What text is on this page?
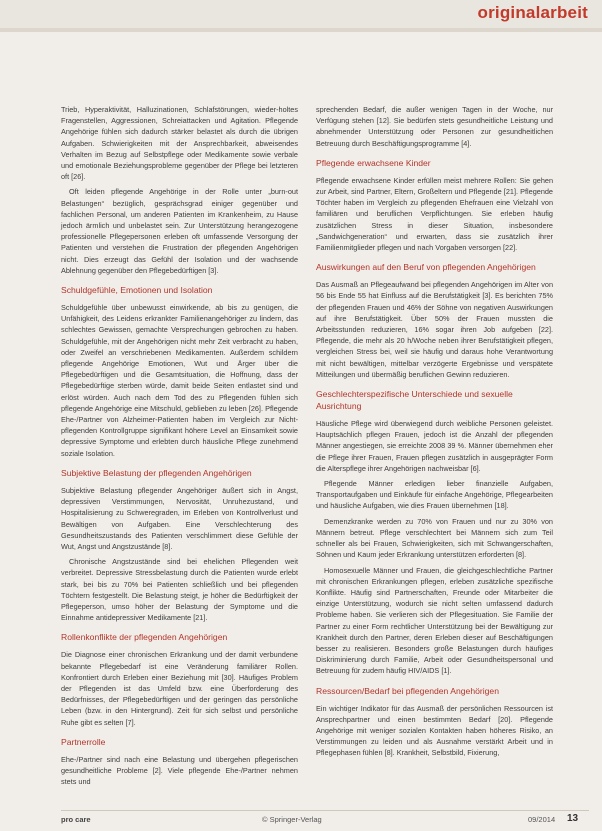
originalarbeit

Trieb, Hyperaktivität, Halluzinationen, Schlafstörungen, wieder-holtes Fragenstellen, Aggressionen, Schreiattacken und Agitation. Pflegende Angehörige fühlen sich dadurch stärker belastet als durch die übrigen Aufgaben. Schwierigkeiten mit der Ansprechbarkeit, abweisendes Verhalten im Bezug auf Selbstpflege oder Medikamente sowie verbale und emotionale Beziehungsprobleme gegenüber der Pflege bei letzteren oft [26].

Oft leiden pflegende Angehörige in der Rolle unter „burn-out Belastungen“ bezüglich, gesprächsgrad einiger gegenüber und fachlichen Personal, um anderen Patienten im Krankenheim, zu Hause jedoch ärmlich und unbelastet sein. Zur Unterstützung herangezogene professionelle Pflegepersonen erleben oft umfassende Versorgung der Patienten und verstehen die Frustration der pflegenden Angehörigen nicht. Dies erzeugt das Gefühl der Isolation und der wachsende Ablehnung gegenüber den Pflegebedürftigen [3].

Schuldgefühle, Emotionen und Isolation

Schuldgefühle über unbewusst einwirkende, ab bis zu genügen, die Unfähigkeit, des Leidens erkrankter Familienangehöriger zu lindern, das schlechtes Gewissen, gemachte Versprechungen gebrochen zu haben. Schuldgefühle, mit der Angehörigen nicht mehr Zeit verbracht zu haben, oder Zweifel an verschriebenen Medikamenten. Außerdem schildern pflegende Angehörige Emotionen, Wut und Ärger über die Pflegebedürftigen und die Gesamtsituation, die Hoffnung, dass der Pflegebedürftige sterben würde, damit beide Seiten entlastet sind und erlöst würden. Auch nach dem Tod des zu Pflegenden fühlen sich pflegende Angehörige eine Mitschuld, geblieben zu leben [26]. Pflegende Ehe-/Partner von Alzheimer-Patienten haben im Vergleich zur Nicht-pflegenden Kontrollgruppe signifikant höhere Level an Einsamkeit sowie depressive Symptome und erlebten durch häusliche Pflege zunehmend soziale Isolation.

Subjektive Belastung der pflegenden Angehörigen

Subjektive Belastung pflegender Angehöriger äußert sich in Angst, depressiven Verstimmungen, Nervosität, Unruhezustand, und Hospitalisierung zu Schweregraden, im Erleben von Kontrollverlust und Bewältigen von Aufgaben. Eine Verschlechterung des Gesundheitszustands des Patienten verschlimmert diese Gefühle der Wut, Angst und Angstzustände [8].

Chronische Angstzustände sind bei ehelichen Pflegenden weit verbreitet. Depressive Stressbelastung durch die Patienten wurde erlebt stark, bei bis zu 70% bei Patienten schließlich und bei pflegenden Töchtern festgestellt. Die Belastung steigt, je höher die Bedürftigkeit der Pflegeperson, umso höher der Belastung der Symptome und die Einnahme antidepressiver Medikamente [21].

Rollenkonflikte der pflegenden Angehörigen

Die Diagnose einer chronischen Erkrankung und der damit verbundene bekannte Pflegebedarf ist eine Veränderung familiärer Rollen. Konfrontiert durch Erleben einer Beziehung mit [30]. Häufiges Problem der Pflegenden ist das Umfeld bzw. eine Überforderung des Bedürfnisses, der Pflegebedürftigen und der geringen das persönliche Leben (bzw. in den Hintergrund). Zeit für sich selbst und persönliche Ruhe gibt es selten [7].

Partnerrolle

Ehe-/Partner sind nach eine Belastung und übergehen pflegerischen gesundheitliche Probleme [2]. Viele pflegende Ehe-/Partner nehmen stets und

sprechenden Bedarf, die außer wenigen Tagen in der Woche, nur Verfügung stehen [12]. Sie bedürfen stets gesundheitliche Leistung und abnehmender Unterstützung oder Personen zur gesundheitlichen Betreuung durch Beschäftigungsprogramme [4].

Pflegende erwachsene Kinder

Pflegende erwachsene Kinder erfüllen meist mehrere Rollen: Sie gehen zur Arbeit, sind Partner, Eltern, Großeltern und Pflegende [21]. Pflegende Töchter haben im Vergleich zu pflegenden Ehefrauen eine Vielzahl von familiären und beruflichen Verpflichtungen. Sie erleben häufig zusätzlichen Stress in dieser Situation, insbesondere „Sandwichgeneration“ und erwarten, dass sie zusätzlich ihrer Familienmitglieder pflegen und nach Vorgaben versorgen [22].

Auswirkungen auf den Beruf von pflegenden Angehörigen

Das Ausmaß an Pflegeaufwand bei pflegenden Angehörigen im Alter von 56 bis Ende 55 hat Einfluss auf die Berufstätigkeit [3]. Es berichten 75% der pflegenden Frauen und 46% der Söhne von negativen Auswirkungen auf ihre Berufstätigkeit. Über 50% der Frauen mussten die Arbeitsstunden reduzieren, 16% sogar ihren Job aufgeben [22]. Pflegende, die mehr als 20 h/Woche neben ihrer Berufstätigkeit pflegen, vergleichen Stress bei, weil sie häufig und daraus hohe Verantwortung mit nicht bewältigen, mittelbar verzögerte Ergebnisse und verspätete Mitteilungen und übermäßig beruflichen Gewinn reduzieren.

Geschlechterspezifische Unterschiede und sexuelle Ausrichtung

Häusliche Pflege wird überwiegend durch weibliche Personen geleistet. Hauptsächlich pflegen Frauen, jedoch ist die Anzahl der pflegenden Männer angestiegen, sie erreichte 2008 39 %. Männer übernehmen eher die Pflege ihrer Frauen, Frauen pflegen zusätzlich in ausgeprägter Form die Alterspflege ihrer Angehörigen nachweisbar [6].

Pflegende Männer erledigen lieber finanzielle Aufgaben, Transportaufgaben und Einkäufe für einfache Angehörige, Pflegearbeiten und häusliche Aufgaben, wie dies Frauen übernehmen [18].

Demenzkranke werden zu 70% von Frauen und nur zu 30% von Männern betreut. Pflege verschlechtert bei Männern sich zum Teil schneller als bei Frauen, Schwierigkeiten, sich mit Schwangerschaften, Söhnen und Kaum jeder Erkrankung unterstützen erforderten [8].

Homosexuelle Männer und Frauen, die gleichgeschlechtliche Partner mit chronischen Erkrankungen pflegen, erleben zusätzliche spezifische Konflikte. Häufig sind Partnerschaften, Freunde oder Mitarbeiter die einzige Unterstützung, wodurch sie nicht selten umfassend dadurch Probleme haben. Sie verlieren sich der Pflegesituation. Sie Familie der Partner zu einer Form rechtlicher Unterstützung bei der Bewältigung zur Krankheit durch den Partner, deren Erleben dieser auf Beschäftigungen besser zu realisieren. Besonders große Belastungen durch häufiges Diskriminierung durch Familie, Arbeit oder Gesundheitspersonal und Betreuung für zudem häufig HIV/AIDS [1].

Ressourcen/Bedarf bei pflegenden Angehörigen

Ein wichtiger Indikator für das Ausmaß der persönlichen Ressourcen ist Ansprechpartner und einen bestimmten Bedarf [20]. Pflegende Angehörige mit weniger sozialen Kontakten haben höheres Risiko, an Verstimmungen zu leiden und als Ausnahme verstärkt Arbeit und in Pflegephasen fühlen [8]. Krankheit, Selbstbild, Fixierung,

pro care	© Springer-Verlag	09/2014 13
